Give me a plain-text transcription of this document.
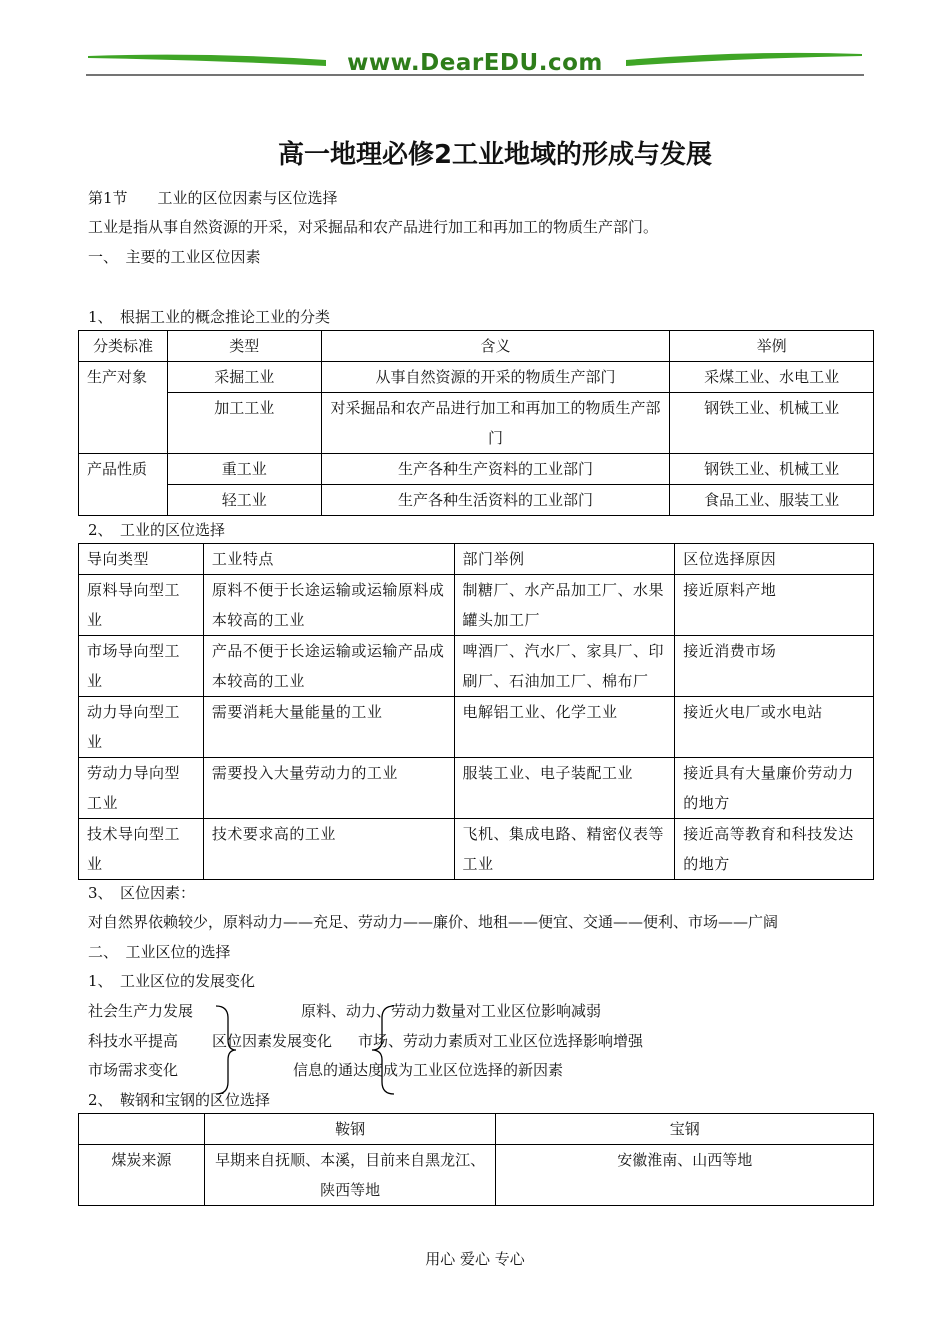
www.DearEDU.com
高一地理必修2工业地域的形成与发展
第1节　　工业的区位因素与区位选择
工业是指从事自然资源的开采，对采掘品和农产品进行加工和再加工的物质生产部门。
一、　主要的工业区位因素
1、　根据工业的概念推论工业的分类
分类标准	类型	含义	举例
生产对象	采掘工业	从事自然资源的开采的物质生产部门	采煤工业、水电工业
	加工工业	对采掘品和农产品进行加工和再加工的物质生产部门	钢铁工业、机械工业
产品性质	重工业	生产各种生产资料的工业部门	钢铁工业、机械工业
	轻工业	生产各种生活资料的工业部门	食品工业、服装工业
2、　工业的区位选择
导向类型	工业特点	部门举例	区位选择原因
原料导向型工业	原料不便于长途运输或运输原料成本较高的工业	制糖厂、水产品加工厂、水果罐头加工厂	接近原料产地
市场导向型工业	产品不便于长途运输或运输产品成本较高的工业	啤酒厂、汽水厂、家具厂、印刷厂、石油加工厂、棉布厂	接近消费市场
动力导向型工业	需要消耗大量能量的工业	电解铝工业、化学工业	接近火电厂或水电站
劳动力导向型工业	需要投入大量劳动力的工业	服装工业、电子装配工业	接近具有大量廉价劳动力的地方
技术导向型工业	技术要求高的工业	飞机、集成电路、精密仪表等工业	接近高等教育和科技发达的地方
3、　区位因素：
对自然界依赖较少，原料动力——充足、劳动力——廉价、地租——便宜、交通——便利、市场——广阔
二、　工业区位的选择
1、　工业区位的发展变化
社会生产力发展
科技水平提高
市场需求变化
区位因素发展变化
原料、动力、劳动力数量对工业区位影响减弱
市场、劳动力素质对工业区位选择影响增强
信息的通达度成为工业区位选择的新因素
2、　鞍钢和宝钢的区位选择
	鞍钢	宝钢
煤炭来源	早期来自抚顺、本溪，目前来自黑龙江、陕西等地	安徽淮南、山西等地
用心 爱心 专心
